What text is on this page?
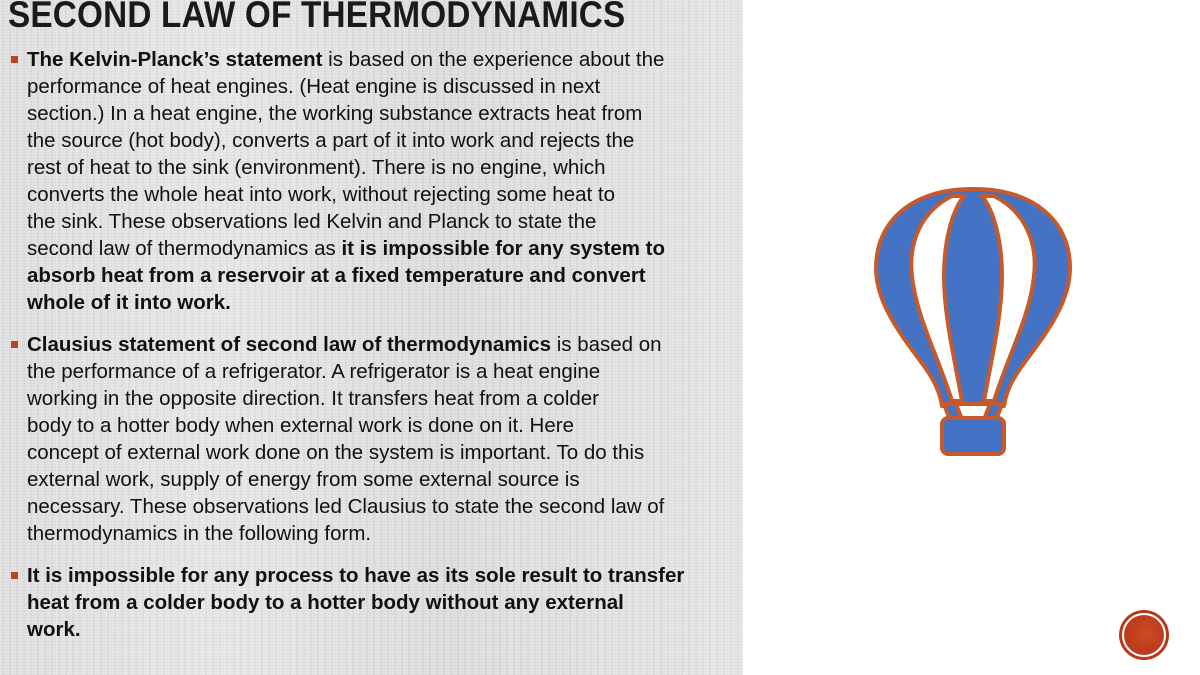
SECOND LAW OF THERMODYNAMICS
The Kelvin-Planck’s statement is based on the experience about the
performance of heat engines. (Heat engine is discussed in next
section.) In a heat engine, the working substance extracts heat from
the source (hot body), converts a part of it into work and rejects the
rest of heat to the sink (environment). There is no engine, which
converts the whole heat into work, without rejecting some heat to
the sink. These observations led Kelvin and Planck to state the
second law of thermodynamics as it is impossible for any system to
absorb heat from a reservoir at a fixed temperature and convert
whole of it into work.
Clausius statement of second law of thermodynamics is based on
the performance of a refrigerator. A refrigerator is a heat engine
working in the opposite direction. It transfers heat from a colder
body to a hotter body when external work is done on it. Here
concept of external work done on the system is important. To do this
external work, supply of energy from some external source is
necessary. These observations led Clausius to state the second law of
thermodynamics in the following form.
It is impossible for any process to have as its sole result to transfer
heat from a colder body to a hotter body without any external
work.
